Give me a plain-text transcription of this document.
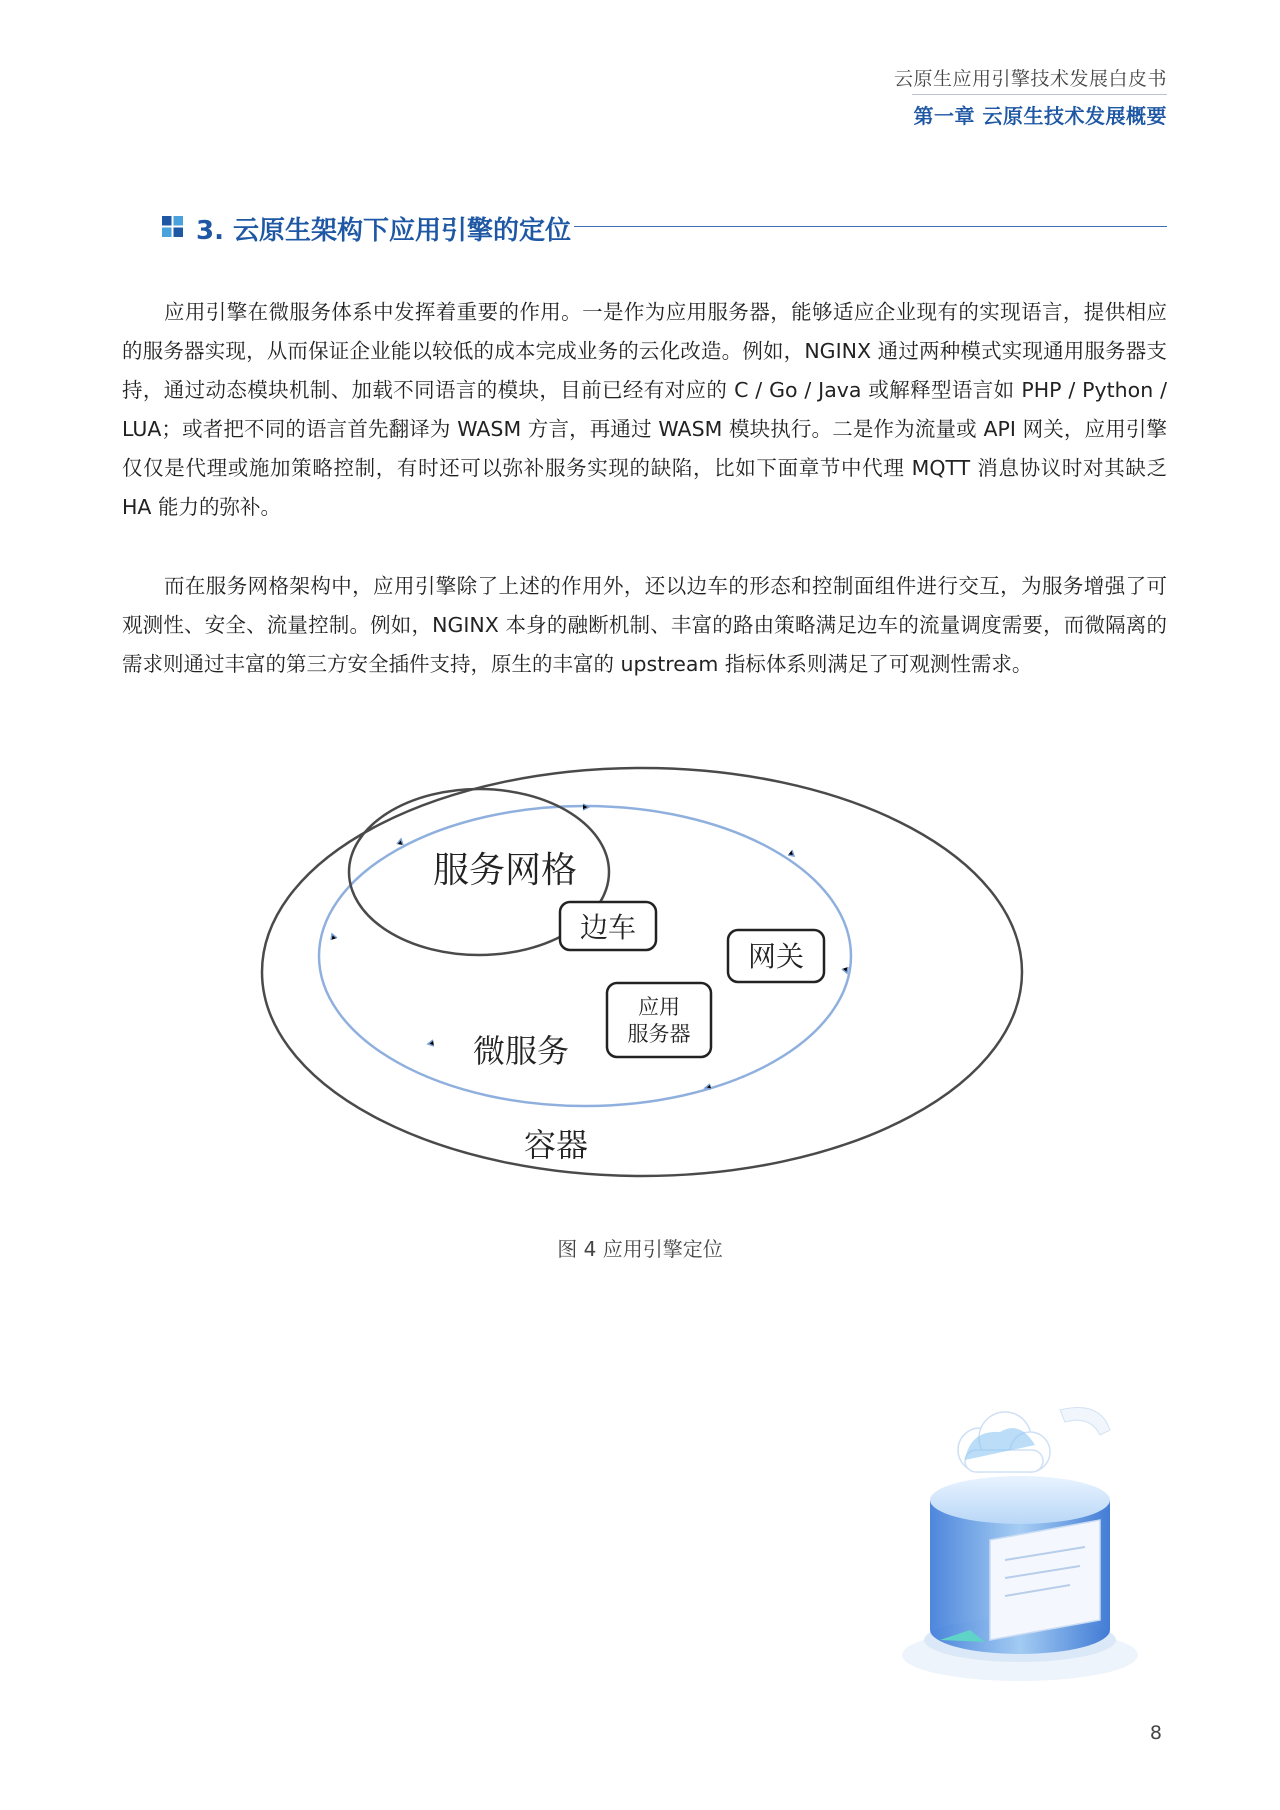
云原生应用引擎技术发展白皮书
第一章 云原生技术发展概要
3. 云原生架构下应用引擎的定位

应用引擎在微服务体系中发挥着重要的作用。一是作为应用服务器，能够适应企业现有的实现语言，提供相应的服务器实现，从而保证企业能以较低的成本完成业务的云化改造。例如，NGINX 通过两种模式实现通用服务器支持，通过动态模块机制、加载不同语言的模块，目前已经有对应的 C / Go / Java 或解释型语言如 PHP / Python / LUA；或者把不同的语言首先翻译为 WASM 方言，再通过 WASM 模块执行。二是作为流量或 API 网关，应用引擎仅仅是代理或施加策略控制，有时还可以弥补服务实现的缺陷，比如下面章节中代理 MQTT 消息协议时对其缺乏 HA 能力的弥补。

而在服务网格架构中，应用引擎除了上述的作用外，还以边车的形态和控制面组件进行交互，为服务增强了可观测性、安全、流量控制。例如，NGINX 本身的融断机制、丰富的路由策略满足边车的流量调度需要，而微隔离的需求则通过丰富的第三方安全插件支持，原生的丰富的 upstream 指标体系则满足了可观测性需求。

服务网格
边车
网关
应用
服务器
微服务
容器
图 4 应用引擎定位
8
